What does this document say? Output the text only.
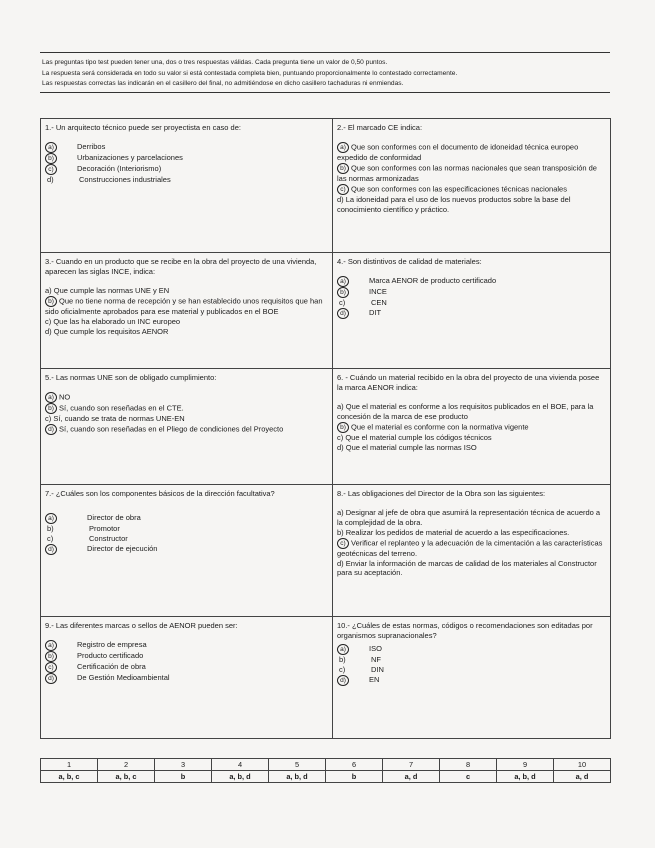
Las preguntas tipo test pueden tener una, dos o tres respuestas válidas. Cada pregunta tiene un valor de 0,50 puntos.
La respuesta será considerada en todo su valor si está contestada completa bien, puntuando proporcionalmente lo contestado correctamente.
Las respuestas correctas las indicarán en el casillero del final, no admitiéndose en dicho casillero tachaduras ni enmiendas.
1.- Un arquitecto técnico puede ser proyectista en caso de:
a)	Derribos
b)	Urbanizaciones y parcelaciones
c)	Decoración (Interiorismo)
d)	Construcciones industriales
2.- El marcado CE indica:
a) Que son conformes con el documento de idoneidad técnica europeo expedido de conformidad
b) Que son conformes con las normas nacionales que sean transposición de las normas armonizadas
c) Que son conformes con las especificaciones técnicas nacionales
d) La idoneidad para el uso de los nuevos productos sobre la base del conocimiento científico y práctico.
3.- Cuando en un producto que se recibe en la obra del proyecto de una vivienda, aparecen las siglas INCE, indica:
a) Que cumple las normas UNE y EN
b) Que no tiene norma de recepción y se han establecido unos requisitos que han sido oficialmente aprobados para ese material y publicados en el BOE
c) Que las ha elaborado un INC europeo
d) Que cumple los requisitos AENOR
4.- Son distintivos de calidad de materiales:
a)	Marca AENOR de producto certificado
b)	INCE
c)	CEN
d)	DIT
5.- Las normas UNE son de obligado cumplimiento:
a) NO
b) Sí, cuando son reseñadas en el CTE.
c) Sí, cuando se trata de normas UNE-EN
d) Sí, cuando son reseñadas en el Pliego de condiciones del Proyecto
6. - Cuándo un material recibido en la obra del proyecto de una vivienda posee la marca AENOR indica:
a) Que el material es conforme a los requisitos publicados en el BOE, para la concesión de la marca de ese producto
b) Que el material es conforme con la normativa vigente
c) Que el material cumple los códigos técnicos
d) Que el material cumple las normas ISO
7.- ¿Cuáles son los componentes básicos de la dirección facultativa?
a)	Director de obra
b)	Promotor
c)	Constructor
d)	Director de ejecución
8.- Las obligaciones del Director de la Obra son las siguientes:
a) Designar al jefe de obra que asumirá la representación técnica de acuerdo a la complejidad de la obra.
b) Realizar los pedidos de material de acuerdo a las especificaciones.
c) Verificar el replanteo y la adecuación de la cimentación a las características geotécnicas del terreno.
d) Enviar la información de marcas de calidad de los materiales al Constructor para su aceptación.
9.- Las diferentes marcas o sellos de AENOR pueden ser:
a)	Registro de empresa
b)	Producto certificado
c)	Certificación de obra
d)	De Gestión Medioambiental
10.- ¿Cuáles de estas normas, códigos o recomendaciones son editadas por organismos supranacionales?
a)	ISO
b)	NF
c)	DIN
d)	EN
1	2	3	4	5	6	7	8	9	10
a, b, c	a, b, c	b	a, b, d	a, b, d	b	a, d	c	a, b, d	a, d
